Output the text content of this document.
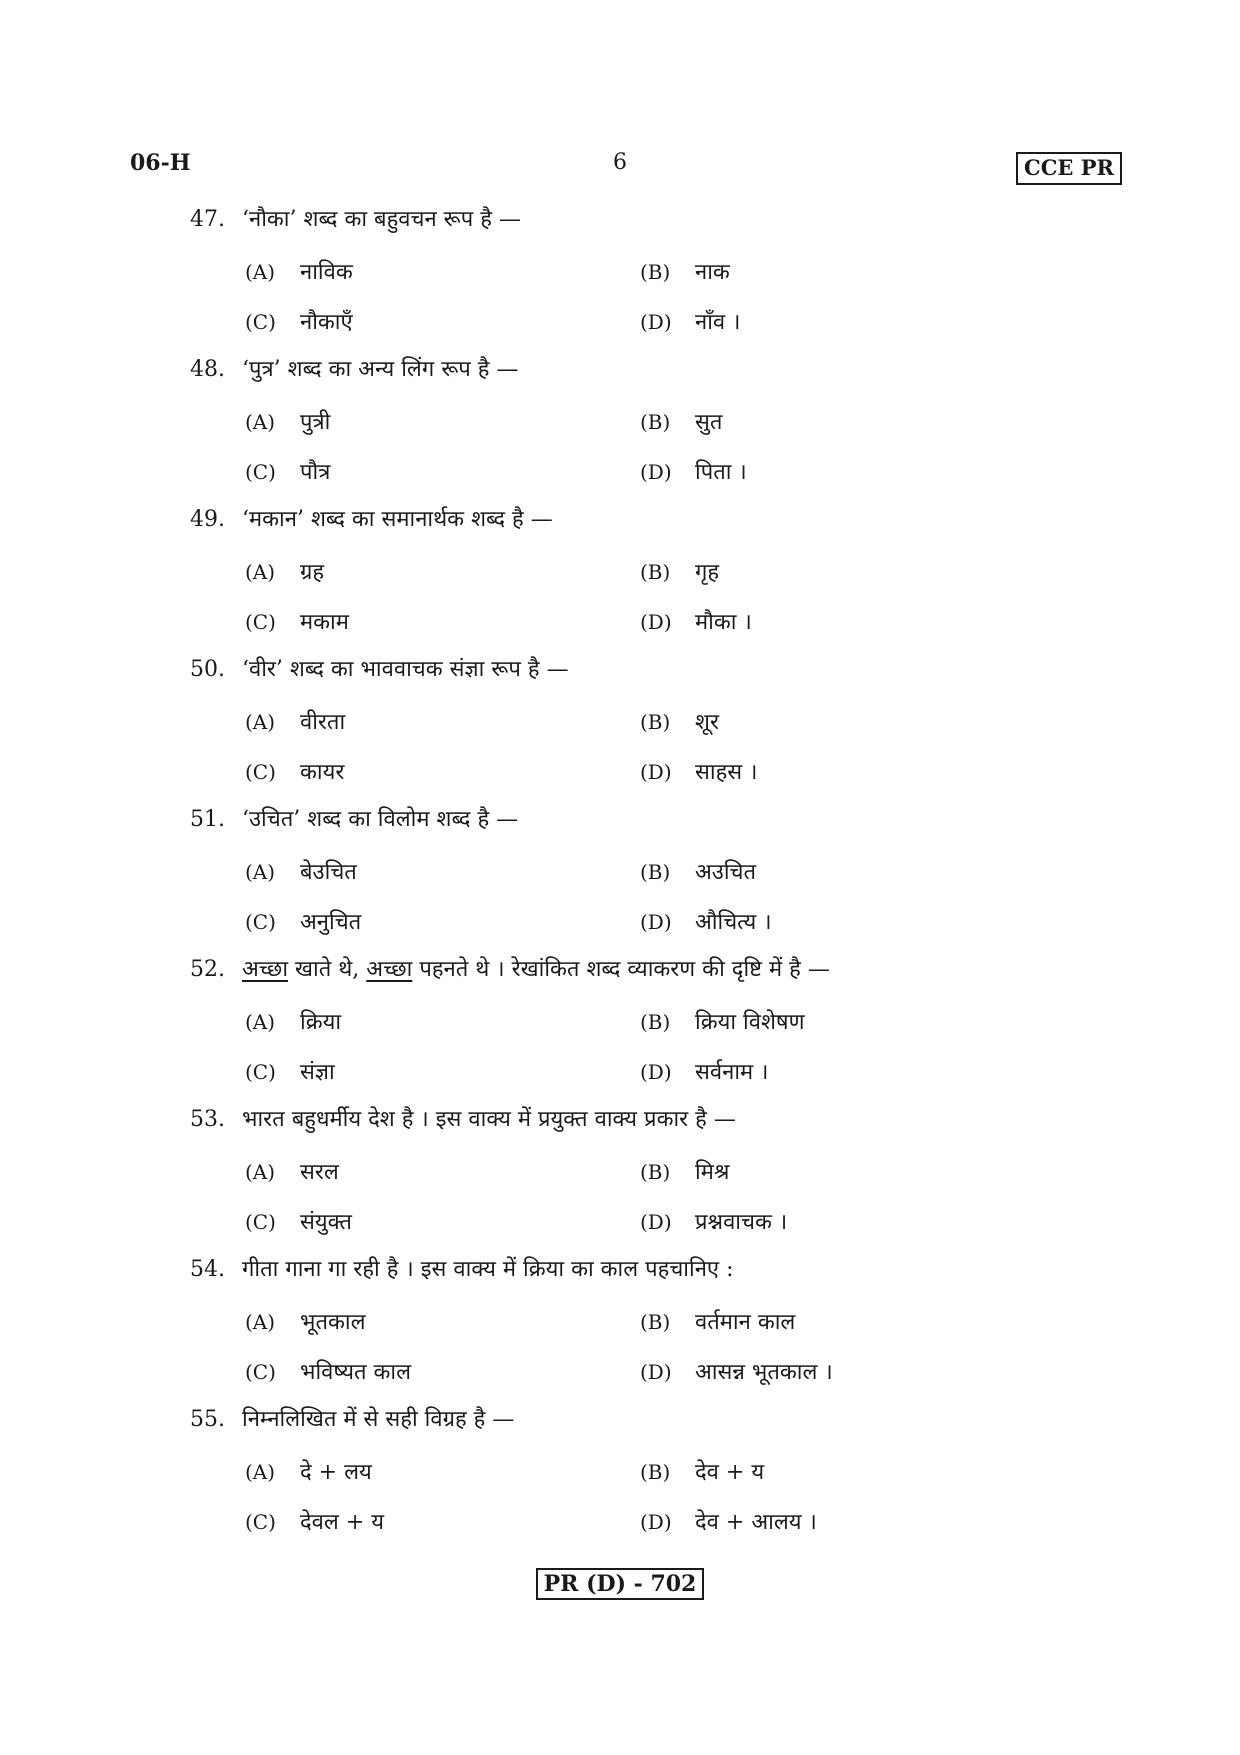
06-H	6	CCE PR
47. ‘नौका’ शब्द का बहुवचन रूप है —
(A) नाविक	(B) नाक
(C) नौकाएँ	(D) नाँव ।
48. ‘पुत्र’ शब्द का अन्य लिंग रूप है —
(A) पुत्री	(B) सुत
(C) पौत्र	(D) पिता ।
49. ‘मकान’ शब्द का समानार्थक शब्द है —
(A) ग्रह	(B) गृह
(C) मकाम	(D) मौका ।
50. ‘वीर’ शब्द का भाववाचक संज्ञा रूप है —
(A) वीरता	(B) शूर
(C) कायर	(D) साहस ।
51. ‘उचित’ शब्द का विलोम शब्द है —
(A) बेउचित	(B) अउचित
(C) अनुचित	(D) औचित्य ।
52. अच्छा खाते थे, अच्छा पहनते थे । रेखांकित शब्द व्याकरण की दृष्टि में है —
(A) क्रिया	(B) क्रिया विशेषण
(C) संज्ञा	(D) सर्वनाम ।
53. भारत बहुधर्मीय देश है । इस वाक्य में प्रयुक्त वाक्य प्रकार है —
(A) सरल	(B) मिश्र
(C) संयुक्त	(D) प्रश्नवाचक ।
54. गीता गाना गा रही है । इस वाक्य में क्रिया का काल पहचानिए :
(A) भूतकाल	(B) वर्तमान काल
(C) भविष्यत काल	(D) आसन्न भूतकाल ।
55. निम्नलिखित में से सही विग्रह है —
(A) दे + लय	(B) देव + य
(C) देवल + य	(D) देव + आलय ।
PR (D) - 702
